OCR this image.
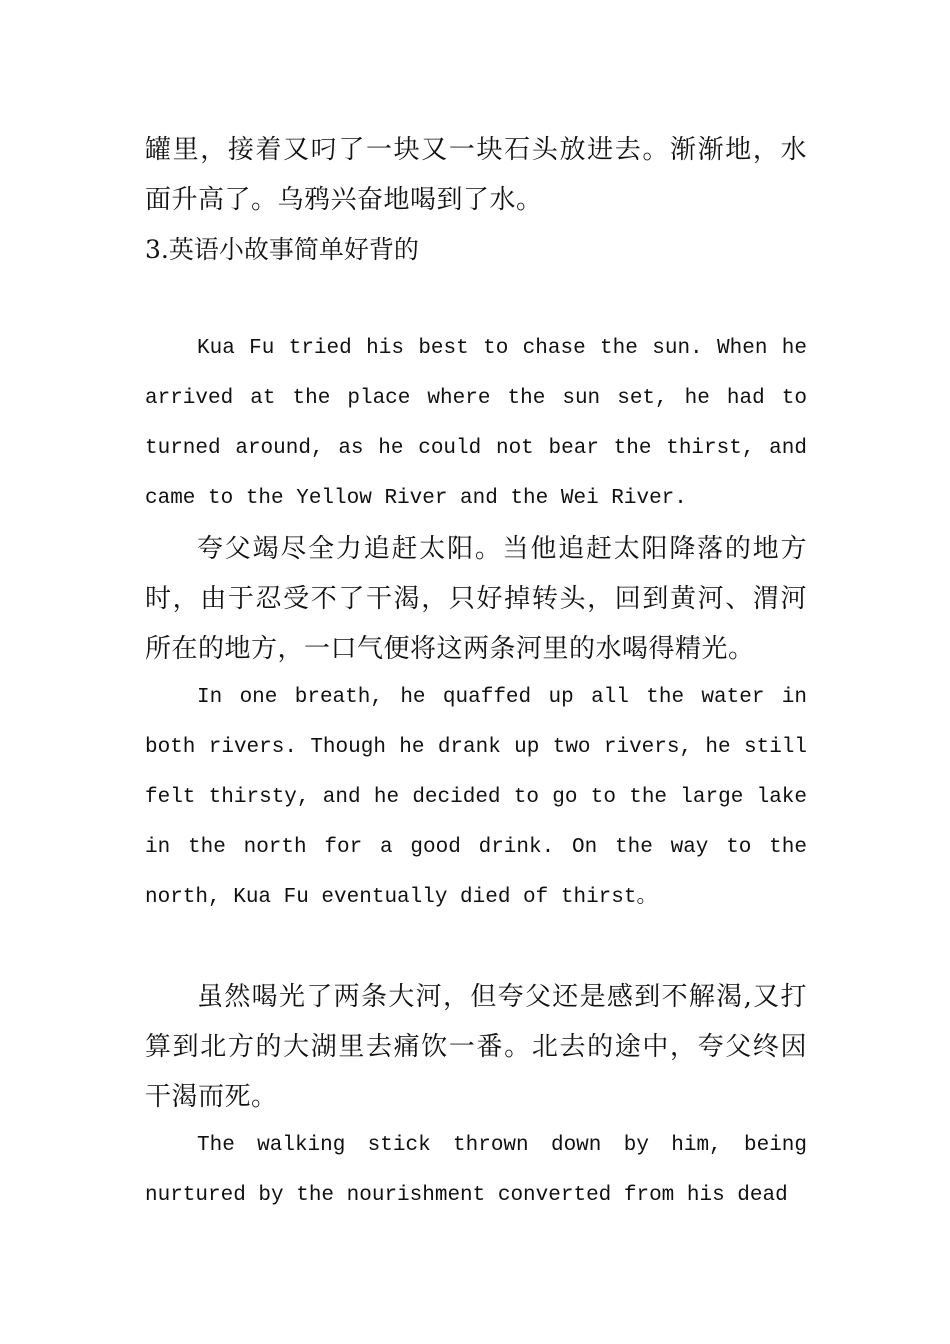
罐里，接着又叼了一块又一块石头放进去。渐渐地，水面升高了。乌鸦兴奋地喝到了水。

3.英语小故事简单好背的

Kua Fu tried his best to chase the sun. When he arrived at the place where the sun set, he had to turned around, as he could not bear the thirst, and came to the Yellow River and the Wei River.

夸父竭尽全力追赶太阳。当他追赶太阳降落的地方时，由于忍受不了干渴，只好掉转头，回到黄河、渭河所在的地方，一口气便将这两条河里的水喝得精光。

In one breath, he quaffed up all the water in both rivers. Though he drank up two rivers, he still felt thirsty, and he decided to go to the large lake in the north for a good drink. On the way to the north, Kua Fu eventually died of thirst。

虽然喝光了两条大河，但夸父还是感到不解渴,又打算到北方的大湖里去痛饮一番。北去的途中，夸父终因干渴而死。

The walking stick thrown down by him, being nurtured by the nourishment converted from his dead
